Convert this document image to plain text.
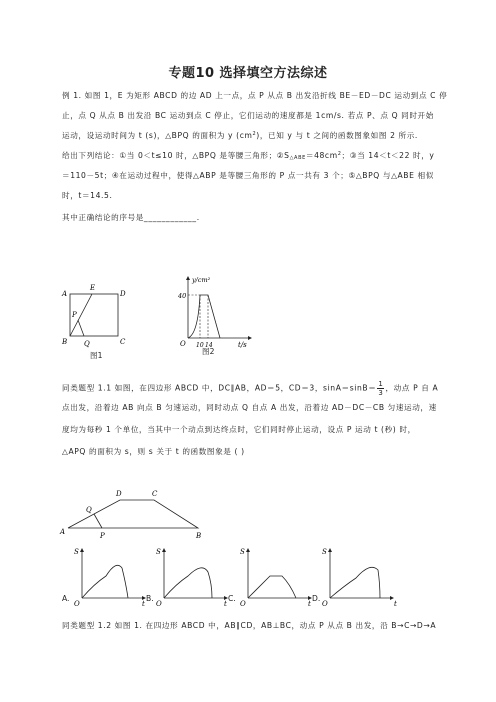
专题10 选择填空方法综述
例 1. 如图 1，E 为矩形 ABCD 的边 AD 上一点，点 P 从点 B 出发沿折线 BE－ED－DC 运动到点 C 停
止，点 Q 从点 B 出发沿 BC 运动到点 C 停止，它们运动的速度都是 1cm/s. 若点 P、点 Q 同时开始
运动，设运动时间为 t (s)，△BPQ 的面积为 y $(cm^2)$，已知 y 与 t 之间的函数图象如图 2 所示.
给出下列结论：①当 0＜t≤10 时，△BPQ 是等腰三角形；$②S_{\triangle ABE}=48cm^2$；③当 14＜t＜22 时，y
＝110－5t；④在运动过程中，使得△ABP 是等腰三角形的 P 点一共有 3 个；⑤△BPQ 与△ABE 相似
时，t＝14.5.
其中正确结论的序号是____________.
A
E
D
P
B Q	C
图1
y/cm²
40
O 10 14	t/s
图2
同类题型 1.1 如图，在四边形 ABCD 中，DC∥AB，AD＝5，CD＝3，$\sin A=\sin B= \frac{1}{3}$ ，动点 P 自 A
点出发，沿着边 AB 向点 B 匀速运动，同时动点 Q 自点 A 出发，沿着边 AD－DC－CB 匀速运动，速
度均为每秒 1 个单位，当其中一个动点到达终点时，它们同时停止运动，设点 P 运动 t (秒) 时，
△APQ 的面积为 s，则 s 关于 t 的函数图象是 ( )
D	C
Q
A	P	B
A.
S
O	t
B.
S
O	t
C.
S
O	t
D.
S
O	t
同类题型 1.2 如图 1. 在四边形 ABCD 中，AB∥CD，AB⊥BC，动点 P 从点 B 出发，沿 B→C→D→A
